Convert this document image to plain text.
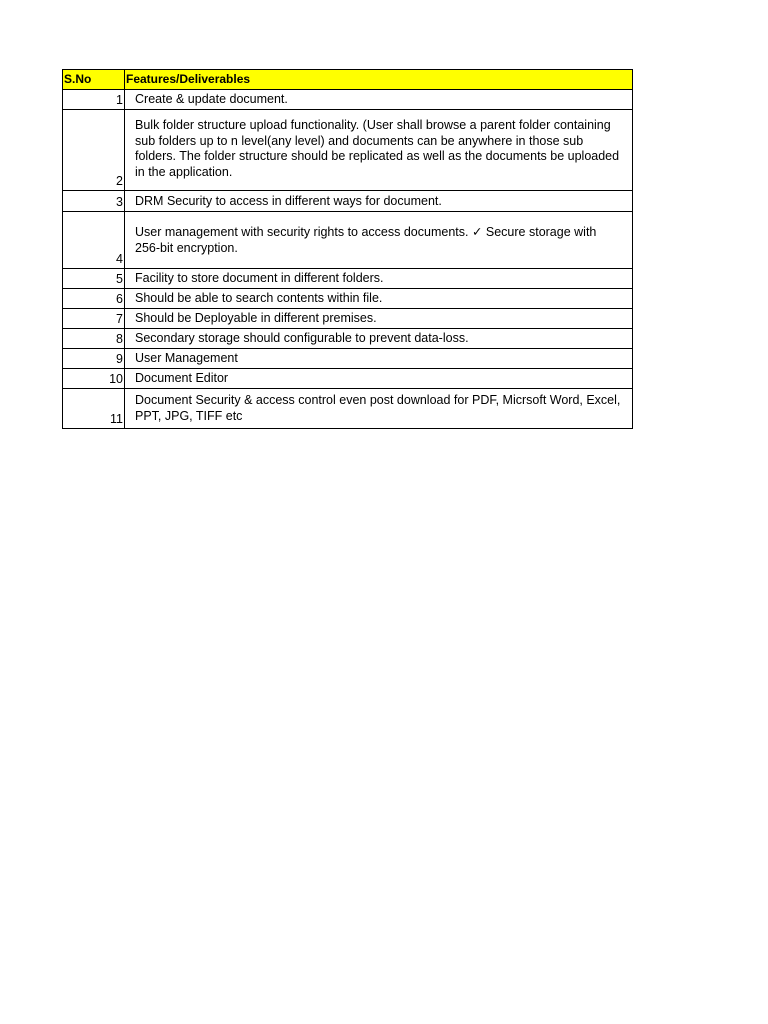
S.No	Features/Deliverables
1	Create & update document.
2	Bulk folder structure upload functionality. (User shall browse a parent folder containing sub folders up to n level(any level) and documents can be anywhere in those sub folders. The folder structure should be replicated as well as the documents be uploaded in the application.
3	DRM Security to access in different ways for document.
4	User management with security rights to access documents. ✓ Secure storage with 256-bit encryption.
5	Facility to store document in different folders.
6	Should be able to search contents within file.
7	Should be Deployable in different premises.
8	Secondary storage should configurable to prevent data-loss.
9	User Management
10	Document Editor
11	Document Security & access control even post download for PDF, Micrsoft Word, Excel, PPT, JPG, TIFF etc
